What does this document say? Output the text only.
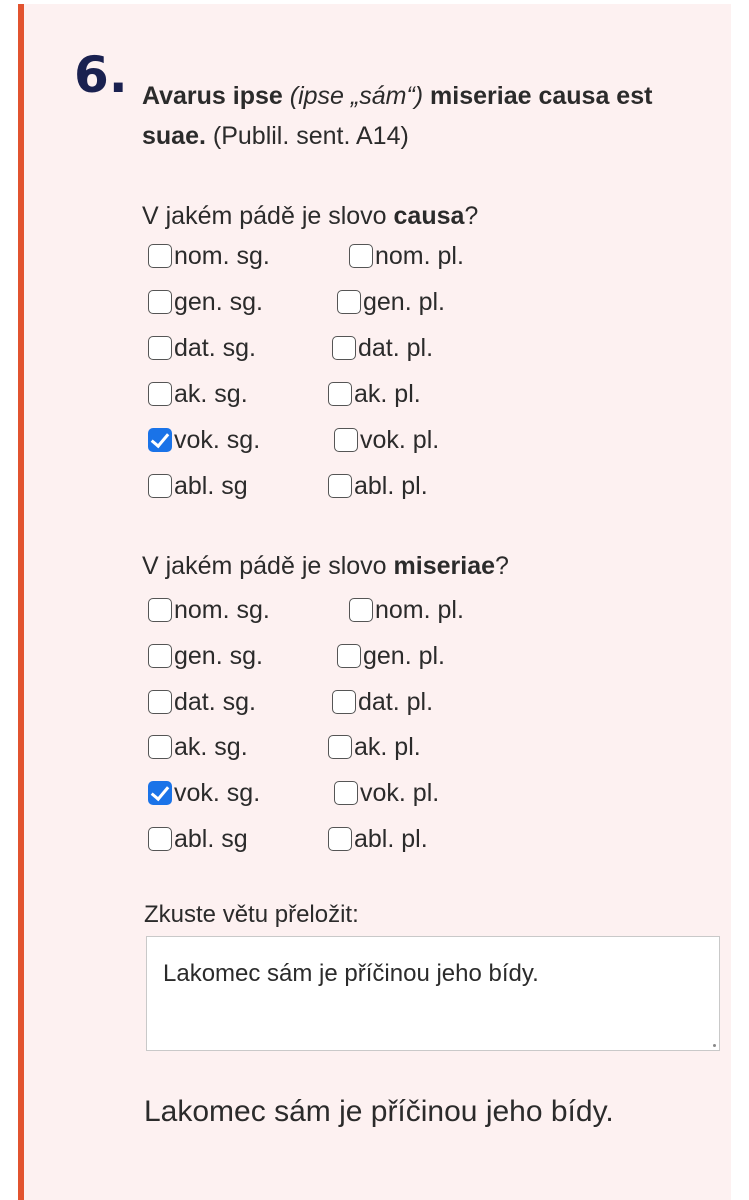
6. Avarus ipse (ipse „sám“) miseriae causa est suae. (Publil. sent. A14)
V jakém pádě je slovo causa?
nom. sg.	nom. pl.
gen. sg.	gen. pl.
dat. sg.	dat. pl.
ak. sg.	ak. pl.
vok. sg.	vok. pl.
abl. sg	abl. pl.
V jakém pádě je slovo miseriae?
nom. sg.	nom. pl.
gen. sg.	gen. pl.
dat. sg.	dat. pl.
ak. sg.	ak. pl.
vok. sg.	vok. pl.
abl. sg	abl. pl.
Zkuste větu přeložit:
Lakomec sám je příčinou jeho bídy.
Lakomec sám je příčinou jeho bídy.
